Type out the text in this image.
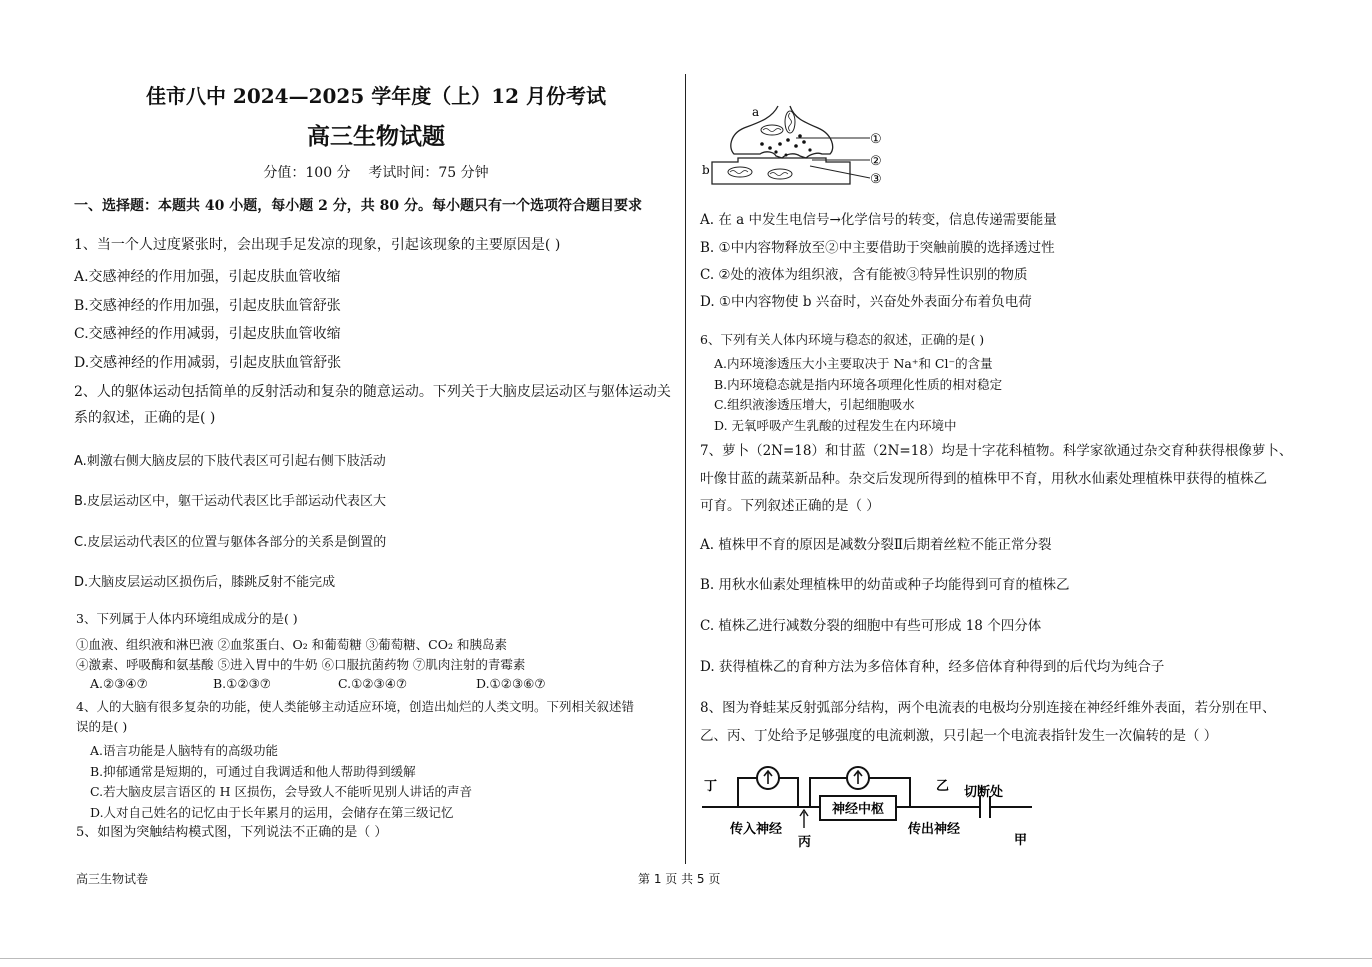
佳市八中 2024—2025 学年度（上）12 月份考试
高三生物试题
分值：100 分    考试时间：75 分钟
一、选择题：本题共 40 小题，每小题 2 分，共 80 分。每小题只有一个选项符合题目要求
1、当一个人过度紧张时，会出现手足发凉的现象，引起该现象的主要原因是( )
A.交感神经的作用加强，引起皮肤血管收缩
B.交感神经的作用加强，引起皮肤血管舒张
C.交感神经的作用减弱，引起皮肤血管收缩
D.交感神经的作用减弱，引起皮肤血管舒张
2、人的躯体运动包括简单的反射活动和复杂的随意运动。下列关于大脑皮层运动区与躯体运动关
系的叙述，正确的是( )
A.刺激右侧大脑皮层的下肢代表区可引起右侧下肢活动
B.皮层运动区中，躯干运动代表区比手部运动代表区大
C.皮层运动代表区的位置与躯体各部分的关系是倒置的
D.大脑皮层运动区损伤后，膝跳反射不能完成
3、下列属于人体内环境组成成分的是( )
①血液、组织液和淋巴液 ②血浆蛋白、O₂ 和葡萄糖 ③葡萄糖、CO₂ 和胰岛素
④激素、呼吸酶和氨基酸 ⑤进入胃中的牛奶 ⑥口服抗菌药物 ⑦肌肉注射的青霉素
A.②③④⑦	B.①②③⑦	C.①②③④⑦	D.①②③⑥⑦
4、人的大脑有很多复杂的功能，使人类能够主动适应环境，创造出灿烂的人类文明。下列相关叙述错
误的是( )
A.语言功能是人脑特有的高级功能
B.抑郁通常是短期的，可通过自我调适和他人帮助得到缓解
C.若大脑皮层言语区的 H 区损伤，会导致人不能听见别人讲话的声音
D.人对自己姓名的记忆由于长年累月的运用，会储存在第三级记忆
5、如图为突触结构模式图，下列说法不正确的是（ ）
a
b
①
②
③
A. 在 a 中发生电信号→化学信号的转变，信息传递需要能量
B. ①中内容物释放至②中主要借助于突触前膜的选择透过性
C. ②处的液体为组织液，含有能被③特异性识别的物质
D. ①中内容物使 b 兴奋时，兴奋处外表面分布着负电荷
6、下列有关人体内环境与稳态的叙述，正确的是( )
A.内环境渗透压大小主要取决于 Na⁺和 Cl⁻的含量
B.内环境稳态就是指内环境各项理化性质的相对稳定
C.组织液渗透压增大，引起细胞吸水
D. 无氧呼吸产生乳酸的过程发生在内环境中
7、萝卜（2N=18）和甘蓝（2N=18）均是十字花科植物。科学家欲通过杂交育种获得根像萝卜、
叶像甘蓝的蔬菜新品种。杂交后发现所得到的植株甲不育，用秋水仙素处理植株甲获得的植株乙
可育。下列叙述正确的是（ ）
A. 植株甲不育的原因是减数分裂Ⅱ后期着丝粒不能正常分裂
B. 用秋水仙素处理植株甲的幼苗或种子均能得到可育的植株乙
C. 植株乙进行减数分裂的细胞中有些可形成 18 个四分体
D. 获得植株乙的育种方法为多倍体育种，经多倍体育种得到的后代均为纯合子
8、图为脊蛙某反射弧部分结构，两个电流表的电极均分别连接在神经纤维外表面，若分别在甲、
乙、丙、丁处给予足够强度的电流刺激，只引起一个电流表指针发生一次偏转的是（ ）
神经中枢
丁	乙 切断处
传入神经
丙
传出神经
甲
高三生物试卷	第 1 页 共 5 页
